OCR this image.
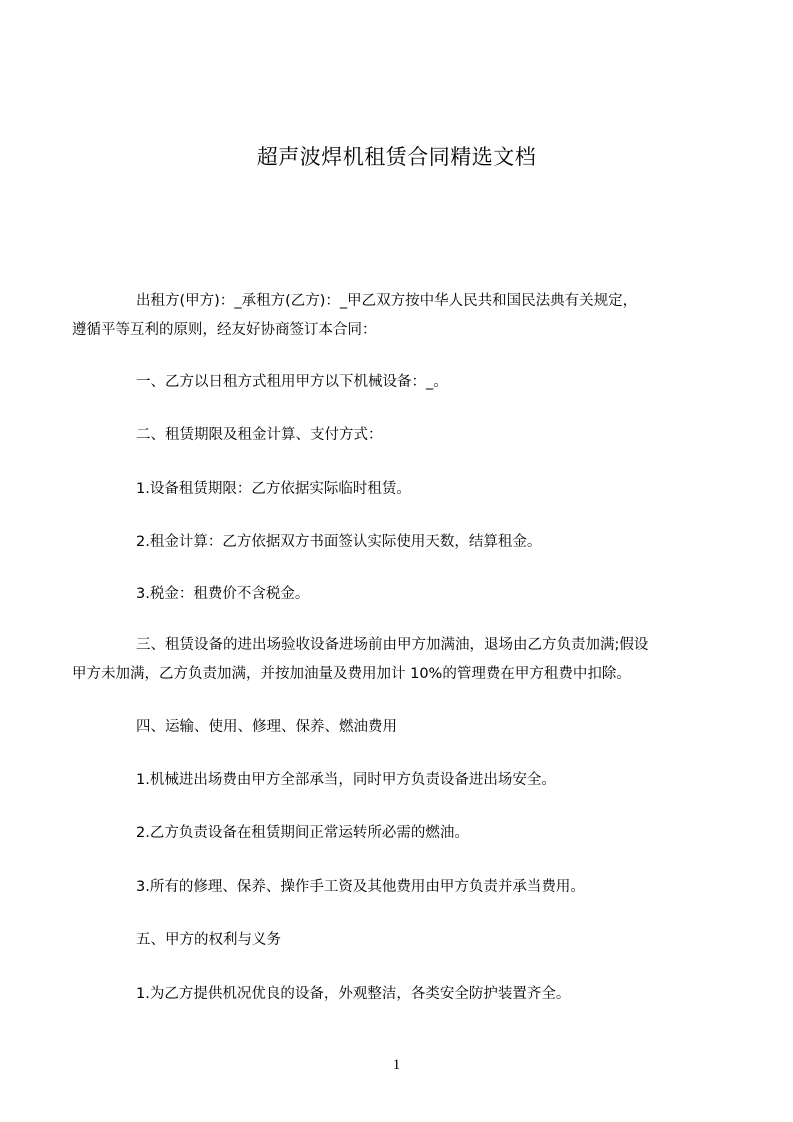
超声波焊机租赁合同精选文档
出租方(甲方)：_承租方(乙方)：_甲乙双方按中华人民共和国民法典有关规定，
遵循平等互利的原则，经友好协商签订本合同：
一、乙方以日租方式租用甲方以下机械设备：_。
二、租赁期限及租金计算、支付方式：
1.设备租赁期限：乙方依据实际临时租赁。
2.租金计算：乙方依据双方书面签认实际使用天数，结算租金。
3.税金：租费价不含税金。
三、租赁设备的进出场验收设备进场前由甲方加满油，退场由乙方负责加满;假设
甲方未加满，乙方负责加满，并按加油量及费用加计 10%的管理费在甲方租费中扣除。
四、运输、使用、修理、保养、燃油费用
1.机械进出场费由甲方全部承当，同时甲方负责设备进出场安全。
2.乙方负责设备在租赁期间正常运转所必需的燃油。
3.所有的修理、保养、操作手工资及其他费用由甲方负责并承当费用。
五、甲方的权利与义务
1.为乙方提供机况优良的设备，外观整洁，各类安全防护装置齐全。
1
